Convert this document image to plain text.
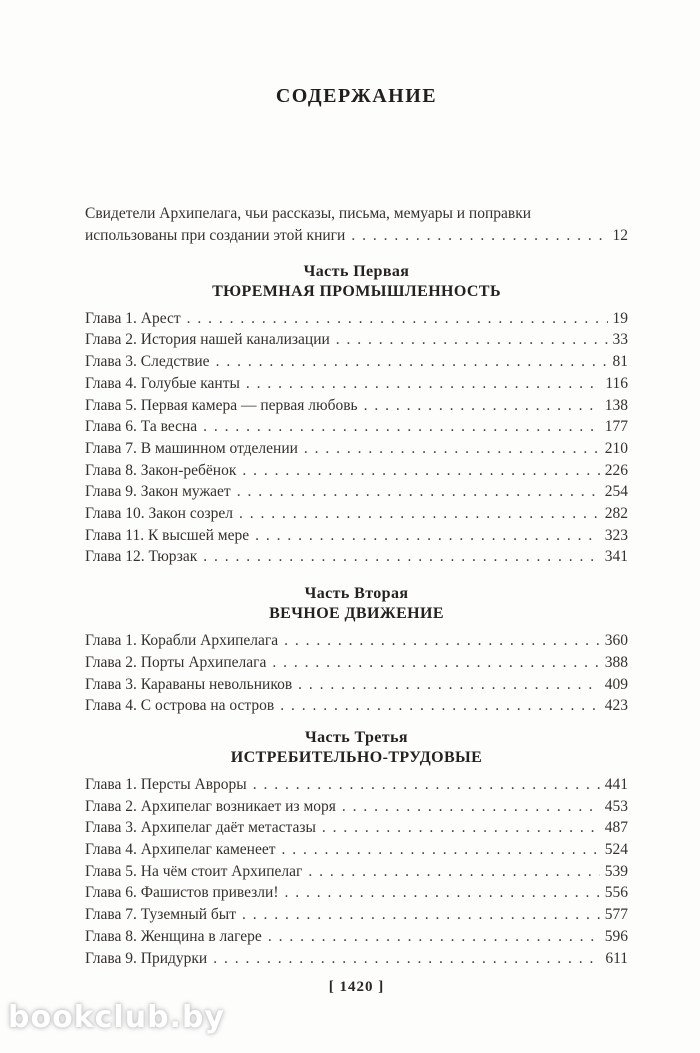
СОДЕРЖАНИЕ
Свидетели Архипелага, чьи рассказы, письма, мемуары и поправки
использованы при создании этой книги . . .	12
Часть Первая
ТЮРЕМНАЯ ПРОМЫШЛЕННОСТЬ
Глава 1. Арест . . .	19
Глава 2. История нашей канализации . . .	33
Глава 3. Следствие . . .	81
Глава 4. Голубые канты . . .	116
Глава 5. Первая камера — первая любовь . . .	138
Глава 6. Та весна . . .	177
Глава 7. В машинном отделении . . .	210
Глава 8. Закон-ребёнок . . .	226
Глава 9. Закон мужает . . .	254
Глава 10. Закон созрел . . .	282
Глава 11. К высшей мере . . .	323
Глава 12. Тюрзак . . .	341
Часть Вторая
ВЕЧНОЕ ДВИЖЕНИЕ
Глава 1. Корабли Архипелага . . .	360
Глава 2. Порты Архипелага . . .	388
Глава 3. Караваны невольников . . .	409
Глава 4. С острова на остров . . .	423
Часть Третья
ИСТРЕБИТЕЛЬНО-ТРУДОВЫЕ
Глава 1. Персты Авроры . . .	441
Глава 2. Архипелаг возникает из моря . . .	453
Глава 3. Архипелаг даёт метастазы . . .	487
Глава 4. Архипелаг каменеет . . .	524
Глава 5. На чём стоит Архипелаг . . .	539
Глава 6. Фашистов привезли! . . .	556
Глава 7. Туземный быт . . .	577
Глава 8. Женщина в лагере . . .	596
Глава 9. Придурки . . .	611
[ 1420 ]
bookclub.by
